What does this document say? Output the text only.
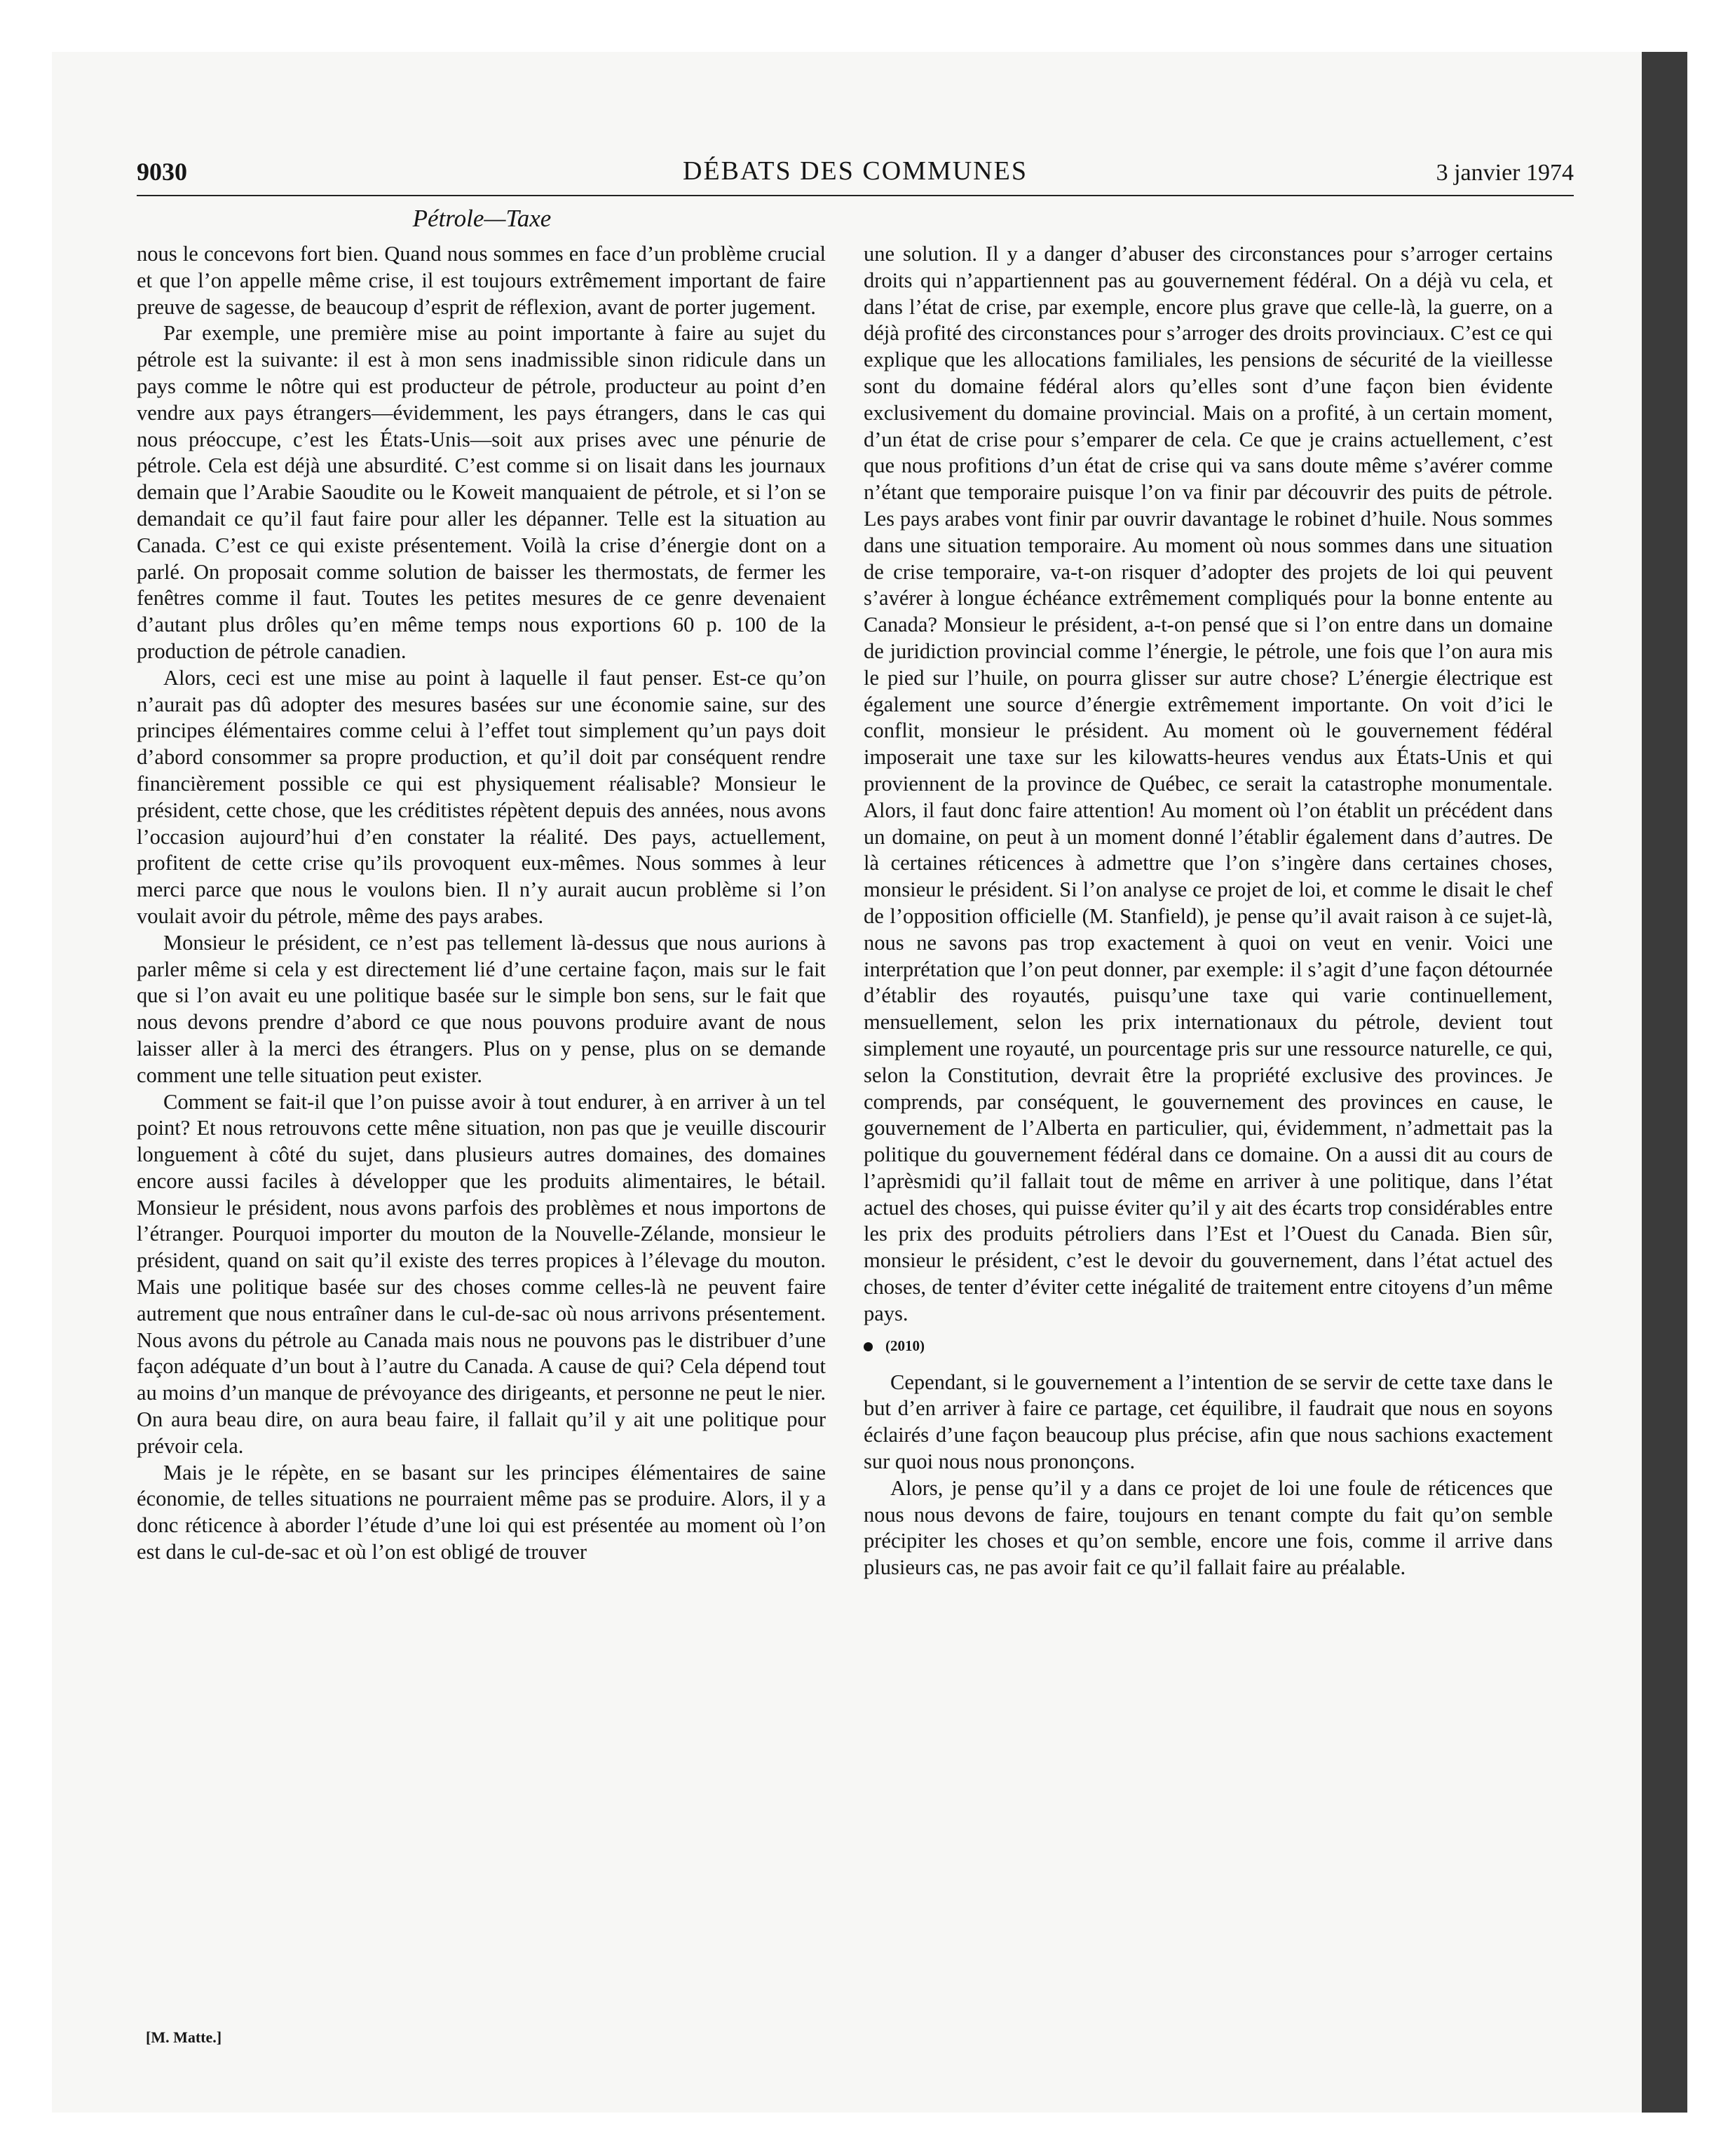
9030	DÉBATS DES COMMUNES	3 janvier 1974
Pétrole—Taxe

nous le concevons fort bien. Quand nous sommes en face d’un problème crucial et que l’on appelle même crise, il est toujours extrêmement important de faire preuve de sagesse, de beaucoup d’esprit de réflexion, avant de porter jugement.

Par exemple, une première mise au point importante à faire au sujet du pétrole est la suivante: il est à mon sens inadmissible sinon ridicule dans un pays comme le nôtre qui est producteur de pétrole, producteur au point d’en vendre aux pays étrangers—évidemment, les pays étrangers, dans le cas qui nous préoccupe, c’est les États-Unis—soit aux prises avec une pénurie de pétrole. Cela est déjà une absurdité. C’est comme si on lisait dans les journaux demain que l’Arabie Saoudite ou le Koweit manquaient de pétrole, et si l’on se demandait ce qu’il faut faire pour aller les dépanner. Telle est la situation au Canada. C’est ce qui existe présentement. Voilà la crise d’énergie dont on a parlé. On proposait comme solution de baisser les thermostats, de fermer les fenêtres comme il faut. Toutes les petites mesures de ce genre devenaient d’autant plus drôles qu’en même temps nous exportions 60 p. 100 de la production de pétrole canadien.

Alors, ceci est une mise au point à laquelle il faut penser. Est-ce qu’on n’aurait pas dû adopter des mesures basées sur une économie saine, sur des principes élémentaires comme celui à l’effet tout simplement qu’un pays doit d’abord consommer sa propre production, et qu’il doit par conséquent rendre financièrement possible ce qui est physiquement réalisable? Monsieur le président, cette chose, que les créditistes répètent depuis des années, nous avons l’occasion aujourd’hui d’en constater la réalité. Des pays, actuellement, profitent de cette crise qu’ils provoquent eux-mêmes. Nous sommes à leur merci parce que nous le voulons bien. Il n’y aurait aucun problème si l’on voulait avoir du pétrole, même des pays arabes.

Monsieur le président, ce n’est pas tellement là-dessus que nous aurions à parler même si cela y est directement lié d’une certaine façon, mais sur le fait que si l’on avait eu une politique basée sur le simple bon sens, sur le fait que nous devons prendre d’abord ce que nous pouvons produire avant de nous laisser aller à la merci des étrangers. Plus on y pense, plus on se demande comment une telle situation peut exister.

Comment se fait-il que l’on puisse avoir à tout endurer, à en arriver à un tel point? Et nous retrouvons cette mêne situation, non pas que je veuille discourir longuement à côté du sujet, dans plusieurs autres domaines, des domaines encore aussi faciles à développer que les produits alimentaires, le bétail. Monsieur le président, nous avons parfois des problèmes et nous importons de l’étranger. Pourquoi importer du mouton de la Nouvelle-Zélande, monsieur le président, quand on sait qu’il existe des terres propices à l’élevage du mouton. Mais une politique basée sur des choses comme celles-là ne peuvent faire autrement que nous entraîner dans le cul-de-sac où nous arrivons présentement. Nous avons du pétrole au Canada mais nous ne pouvons pas le distribuer d’une façon adéquate d’un bout à l’autre du Canada. A cause de qui? Cela dépend tout au moins d’un manque de prévoyance des dirigeants, et personne ne peut le nier. On aura beau dire, on aura beau faire, il fallait qu’il y ait une politique pour prévoir cela.

Mais je le répète, en se basant sur les principes élémentaires de saine économie, de telles situations ne pourraient même pas se produire. Alors, il y a donc réticence à aborder l’étude d’une loi qui est présentée au moment où l’on est dans le cul-de-sac et où l’on est obligé de trouver

[M. Matte.]

une solution. Il y a danger d’abuser des circonstances pour s’arroger certains droits qui n’appartiennent pas au gouvernement fédéral. On a déjà vu cela, et dans l’état de crise, par exemple, encore plus grave que celle-là, la guerre, on a déjà profité des circonstances pour s’arroger des droits provinciaux. C’est ce qui explique que les allocations familiales, les pensions de sécurité de la vieillesse sont du domaine fédéral alors qu’elles sont d’une façon bien évidente exclusivement du domaine provincial. Mais on a profité, à un certain moment, d’un état de crise pour s’emparer de cela. Ce que je crains actuellement, c’est que nous profitions d’un état de crise qui va sans doute même s’avérer comme n’étant que temporaire puisque l’on va finir par découvrir des puits de pétrole. Les pays arabes vont finir par ouvrir davantage le robinet d’huile. Nous sommes dans une situation temporaire. Au moment où nous sommes dans une situation de crise temporaire, va-t-on risquer d’adopter des projets de loi qui peuvent s’avérer à longue échéance extrêmement compliqués pour la bonne entente au Canada? Monsieur le président, a-t-on pensé que si l’on entre dans un domaine de juridiction provincial comme l’énergie, le pétrole, une fois que l’on aura mis le pied sur l’huile, on pourra glisser sur autre chose? L’énergie électrique est également une source d’énergie extrêmement importante. On voit d’ici le conflit, monsieur le président. Au moment où le gouvernement fédéral imposerait une taxe sur les kilowatts-heures vendus aux États-Unis et qui proviennent de la province de Québec, ce serait la catastrophe monumentale. Alors, il faut donc faire attention! Au moment où l’on établit un précédent dans un domaine, on peut à un moment donné l’établir également dans d’autres. De là certaines réticences à admettre que l’on s’ingère dans certaines choses, monsieur le président. Si l’on analyse ce projet de loi, et comme le disait le chef de l’opposition officielle (M. Stanfield), je pense qu’il avait raison à ce sujet-là, nous ne savons pas trop exactement à quoi on veut en venir. Voici une interprétation que l’on peut donner, par exemple: il s’agit d’une façon détournée d’établir des royautés, puisqu’une taxe qui varie continuellement, mensuellement, selon les prix internationaux du pétrole, devient tout simplement une royauté, un pourcentage pris sur une ressource naturelle, ce qui, selon la Constitution, devrait être la propriété exclusive des provinces. Je comprends, par conséquent, le gouvernement des provinces en cause, le gouvernement de l’Alberta en particulier, qui, évidemment, n’admettait pas la politique du gouvernement fédéral dans ce domaine. On a aussi dit au cours de l’aprèsmidi qu’il fallait tout de même en arriver à une politique, dans l’état actuel des choses, qui puisse éviter qu’il y ait des écarts trop considérables entre les prix des produits pétroliers dans l’Est et l’Ouest du Canada. Bien sûr, monsieur le président, c’est le devoir du gouvernement, dans l’état actuel des choses, de tenter d’éviter cette inégalité de traitement entre citoyens d’un même pays.

(2010)

Cependant, si le gouvernement a l’intention de se servir de cette taxe dans le but d’en arriver à faire ce partage, cet équilibre, il faudrait que nous en soyons éclairés d’une façon beaucoup plus précise, afin que nous sachions exactement sur quoi nous nous prononçons.

Alors, je pense qu’il y a dans ce projet de loi une foule de réticences que nous nous devons de faire, toujours en tenant compte du fait qu’on semble précipiter les choses et qu’on semble, encore une fois, comme il arrive dans plusieurs cas, ne pas avoir fait ce qu’il fallait faire au préalable.
